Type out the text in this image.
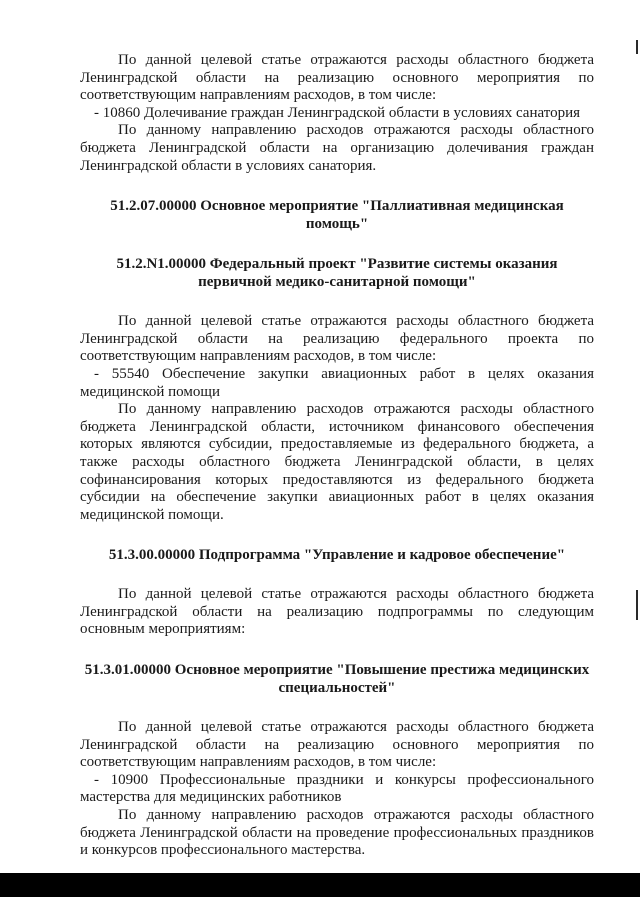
По данной целевой статье отражаются расходы областного бюджета Ленинградской области на реализацию основного мероприятия по соответствующим направлениям расходов, в том числе:

- 10860 Долечивание граждан Ленинградской области в условиях санатория

По данному направлению расходов отражаются расходы областного бюджета Ленинградской области на организацию долечивания граждан Ленинградской области в условиях санатория.

51.2.07.00000 Основное мероприятие "Паллиативная медицинская помощь"
51.2.N1.00000 Федеральный проект "Развитие системы оказания первичной медико-санитарной помощи"

По данной целевой статье отражаются расходы областного бюджета Ленинградской области на реализацию федерального проекта по соответствующим направлениям расходов, в том числе:

- 55540 Обеспечение закупки авиационных работ в целях оказания медицинской помощи

По данному направлению расходов отражаются расходы областного бюджета Ленинградской области, источником финансового обеспечения которых являются субсидии, предоставляемые из федерального бюджета, а также расходы областного бюджета Ленинградской области, в целях софинансирования которых предоставляются из федерального бюджета субсидии на обеспечение закупки авиационных работ в целях оказания медицинской помощи.

51.3.00.00000 Подпрограмма "Управление и кадровое обеспечение"

По данной целевой статье отражаются расходы областного бюджета Ленинградской области на реализацию подпрограммы по следующим основным мероприятиям:

51.3.01.00000 Основное мероприятие "Повышение престижа медицинских специальностей"

По данной целевой статье отражаются расходы областного бюджета Ленинградской области на реализацию основного мероприятия по соответствующим направлениям расходов, в том числе:

- 10900 Профессиональные праздники и конкурсы профессионального мастерства для медицинских работников

По данному направлению расходов отражаются расходы областного бюджета Ленинградской области на проведение профессиональных праздников и конкурсов профессионального мастерства.
